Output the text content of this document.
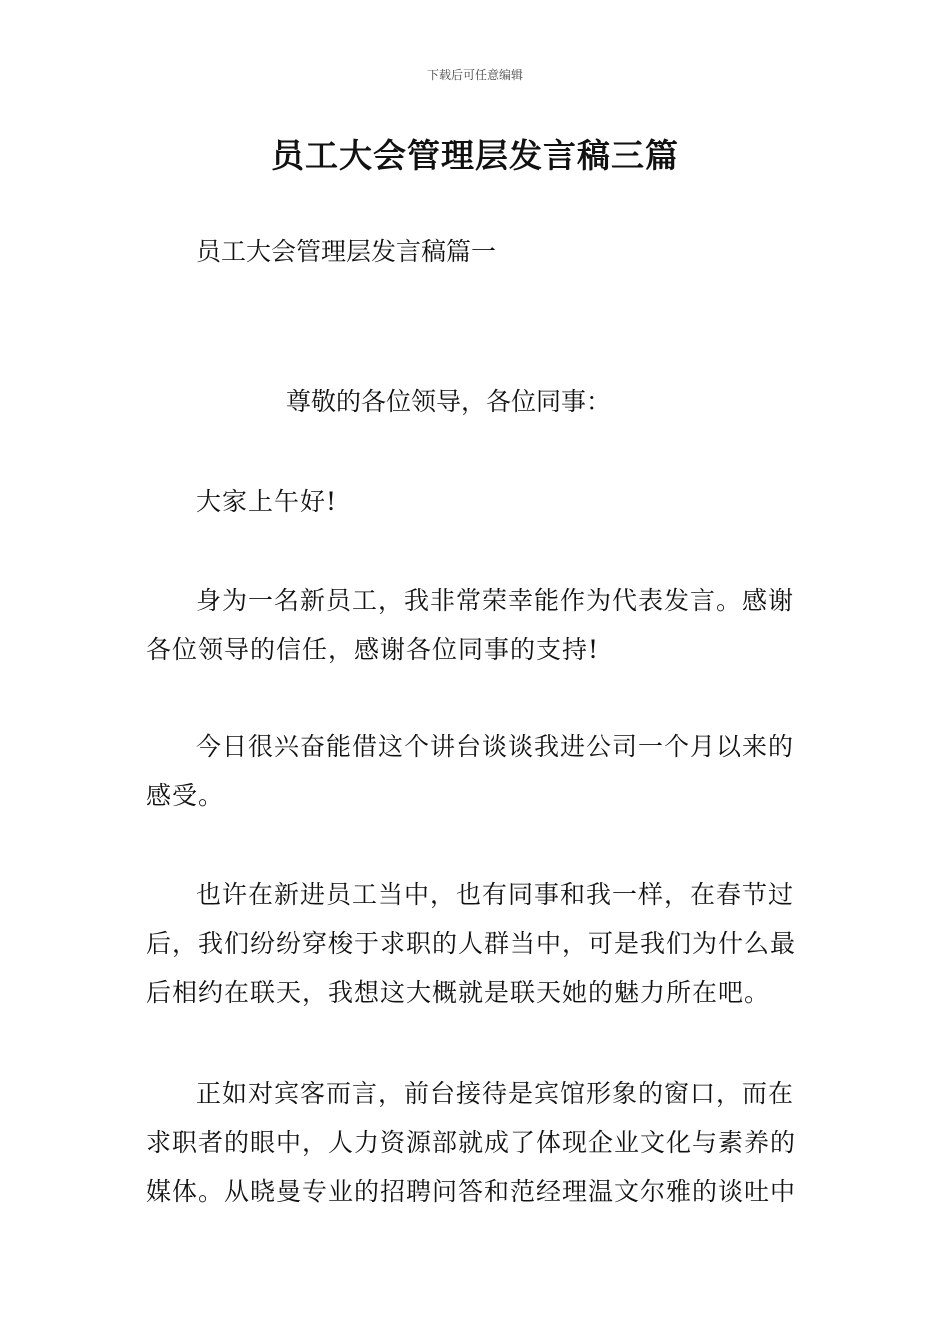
下载后可任意编辑
员工大会管理层发言稿三篇
员工大会管理层发言稿篇一
尊敬的各位领导，各位同事：

大家上午好!

身为一名新员工，我非常荣幸能作为代表发言。感谢各位领导的信任，感谢各位同事的支持!

今日很兴奋能借这个讲台谈谈我进公司一个月以来的感受。

也许在新进员工当中，也有同事和我一样，在春节过后，我们纷纷穿梭于求职的人群当中，可是我们为什么最后相约在联天，我想这大概就是联天她的魅力所在吧。

正如对宾客而言，前台接待是宾馆形象的窗口，而在求职者的眼中，人力资源部就成了体现企业文化与素养的媒体。从晓曼专业的招聘问答和范经理温文尔雅的谈吐中
